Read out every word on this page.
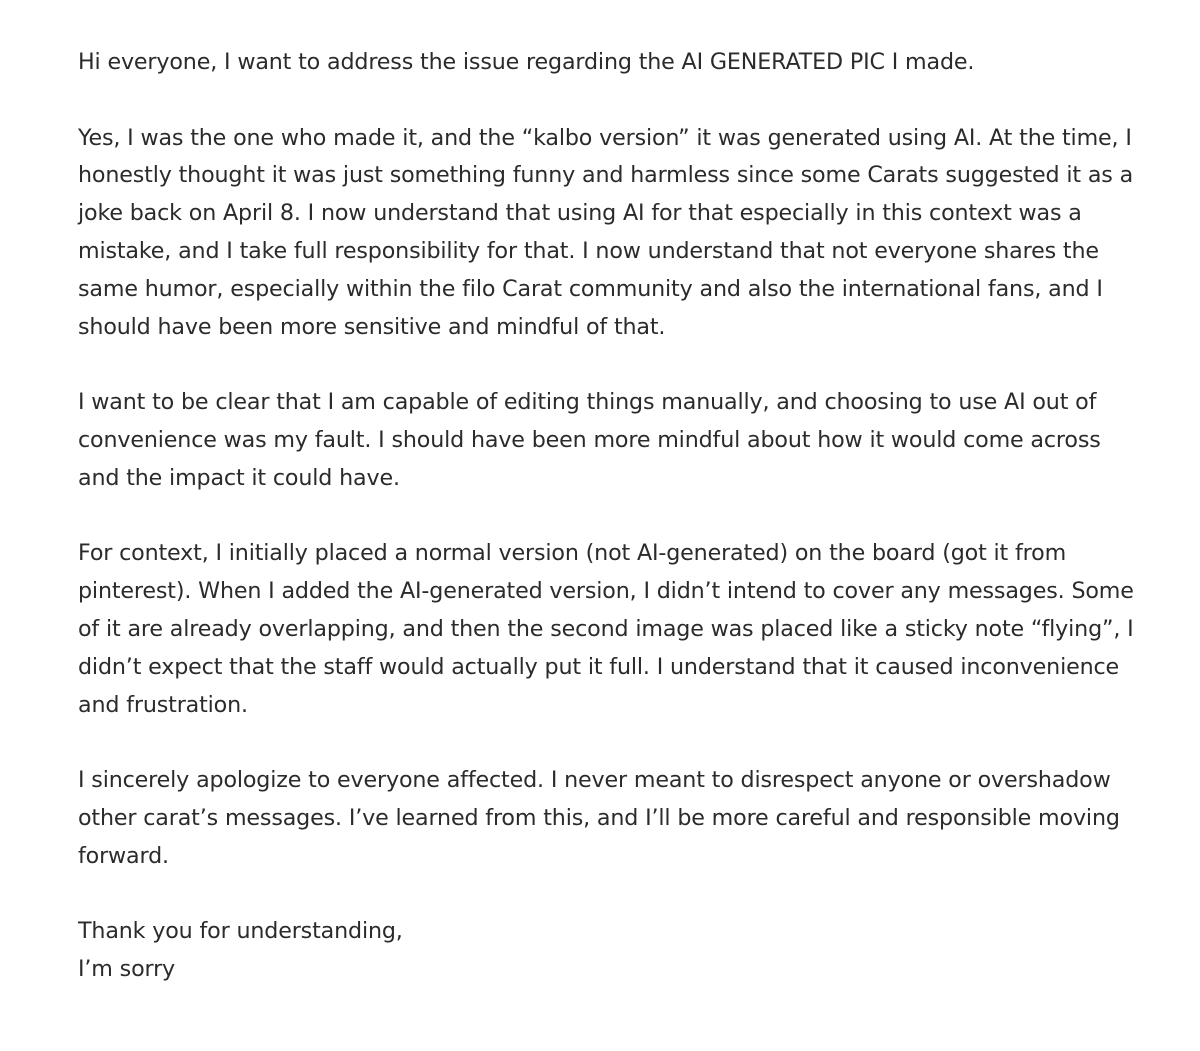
Hi everyone, I want to address the issue regarding the AI GENERATED PIC I made.

Yes, I was the one who made it, and the “kalbo version” it was generated using AI. At the time, I honestly thought it was just something funny and harmless since some Carats suggested it as a joke back on April 8. I now understand that using AI for that especially in this context was a mistake, and I take full responsibility for that. I now understand that not everyone shares the same humor, especially within the filo Carat community and also the international fans, and I should have been more sensitive and mindful of that.

I want to be clear that I am capable of editing things manually, and choosing to use AI out of convenience was my fault. I should have been more mindful about how it would come across and the impact it could have.

For context, I initially placed a normal version (not AI-generated) on the board (got it from pinterest). When I added the AI-generated version, I didn’t intend to cover any messages. Some of it are already overlapping, and then the second image was placed like a sticky note “flying”, I didn’t expect that the staff would actually put it full. I understand that it caused inconvenience and frustration.

I sincerely apologize to everyone affected. I never meant to disrespect anyone or overshadow other carat’s messages. I’ve learned from this, and I’ll be more careful and responsible moving forward.

Thank you for understanding,
I’m sorry
